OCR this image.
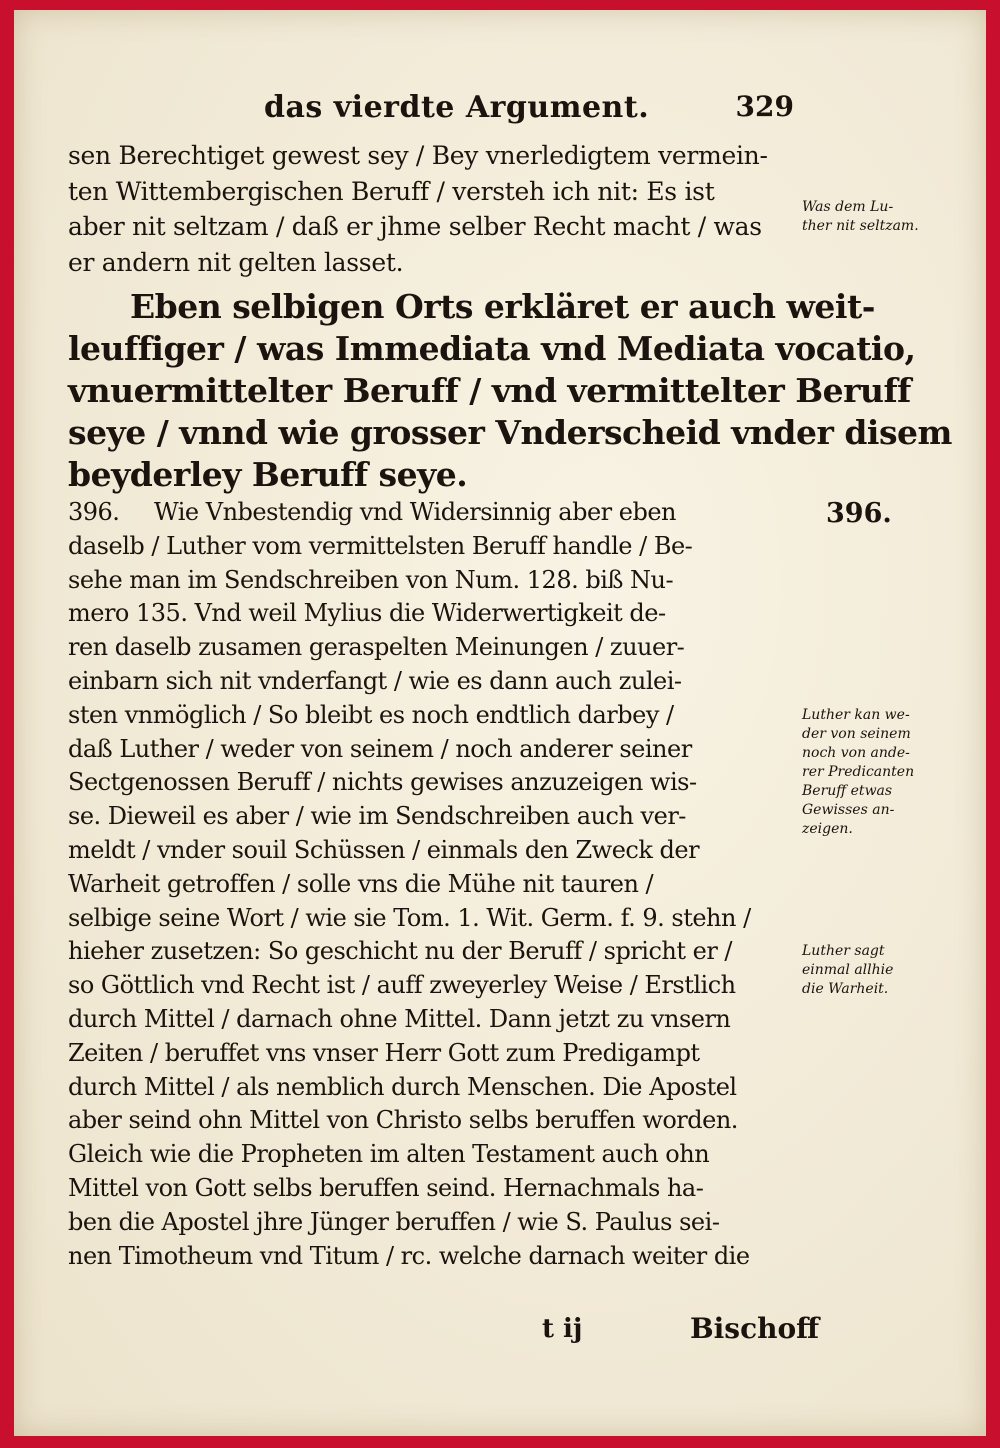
das vierdte Argument.	329
sen Berechtiget gewest sey / Bey vnerledigtem vermein-
ten Wittembergischen Beruff / versteh ich nit: Es ist
aber nit seltzam / daß er jhme selber Recht macht / was
er andern nit gelten lasset.
Eben selbigen Orts erkläret er auch weit-
leuffiger / was Immediata vnd Mediata vocatio,
vnuermittelter Beruff / vnd vermittelter Beruff
seye / vnnd wie grosser Vnderscheid vnder disem
beyderley Beruff seye.
396. Wie Vnbestendig vnd Widersinnig aber eben
daselb / Luther vom vermittelsten Beruff handle / Be-
sehe man im Sendschreiben von Num. 128. biß Nu-
mero 135. Vnd weil Mylius die Widerwertigkeit de-
ren daselb zusamen geraspelten Meinungen / zuuer-
einbarn sich nit vnderfangt / wie es dann auch zulei-
sten vnmöglich / So bleibt es noch endtlich darbey /
daß Luther / weder von seinem / noch anderer seiner
Sectgenossen Beruff / nichts gewises anzuzeigen wis-
se. Dieweil es aber / wie im Sendschreiben auch ver-
meldt / vnder souil Schüssen / einmals den Zweck der
Warheit getroffen / solle vns die Mühe nit tauren /
selbige seine Wort / wie sie Tom. 1. Wit. Germ. f. 9. stehn /
hieher zusetzen: So geschicht nu der Beruff / spricht er /
so Göttlich vnd Recht ist / auff zweyerley Weise / Erstlich
durch Mittel / darnach ohne Mittel. Dann jetzt zu vnsern
Zeiten / beruffet vns vnser Herr Gott zum Predigampt
durch Mittel / als nemblich durch Menschen. Die Apostel
aber seind ohn Mittel von Christo selbs beruffen worden.
Gleich wie die Propheten im alten Testament auch ohn
Mittel von Gott selbs beruffen seind. Hernachmals ha-
ben die Apostel jhre Jünger beruffen / wie S. Paulus sei-
nen Timotheum vnd Titum / rc. welche darnach weiter die
Was dem Lu-
ther nit seltzam.
396.
Luther kan we-
der von seinem
noch von ande-
rer Predicanten
Beruff etwas
Gewisses an-
zeigen.
Luther sagt
einmal allhie
die Warheit.
t ij	Bischoff
